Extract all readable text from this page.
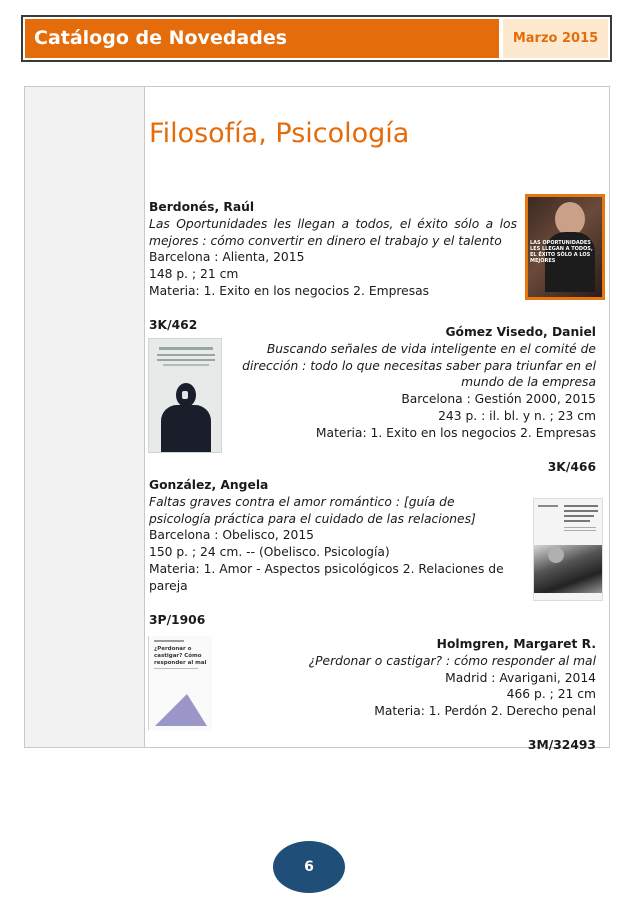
Catálogo de Novedades	Marzo 2015
Filosofía, Psicología
Berdonés, Raúl
Las Oportunidades les llegan a todos, el éxito sólo a los mejores : cómo convertir en dinero el trabajo y el talento
Barcelona : Alienta, 2015
148 p. ; 21 cm
Materia: 1. Exito en los negocios 2. Empresas
3K/462
LAS OPORTUNIDADES LES LLEGAN A TODOS, EL ÉXITO SÓLO A LOS MEJORES
Gómez Visedo, Daniel
Buscando señales de vida inteligente en el comité de dirección : todo lo que necesitas saber para triunfar en el mundo de la empresa
Barcelona : Gestión 2000, 2015
243 p. : il. bl. y n. ; 23 cm
Materia: 1. Exito en los negocios 2. Empresas
3K/466
González, Angela
Faltas graves contra el amor romántico : [guía de psicología práctica para el cuidado de las relaciones]
Barcelona : Obelisco, 2015
150 p. ; 24 cm. -- (Obelisco. Psicología)
Materia: 1. Amor - Aspectos psicológicos 2. Relaciones de pareja
3P/1906
Holmgren, Margaret R.
¿Perdonar o castigar? : cómo responder al mal
Madrid : Avarigani, 2014
466 p. ; 21 cm
Materia: 1. Perdón 2. Derecho penal
3M/32493
¿Perdonar o castigar? Cómo responder al mal
6
